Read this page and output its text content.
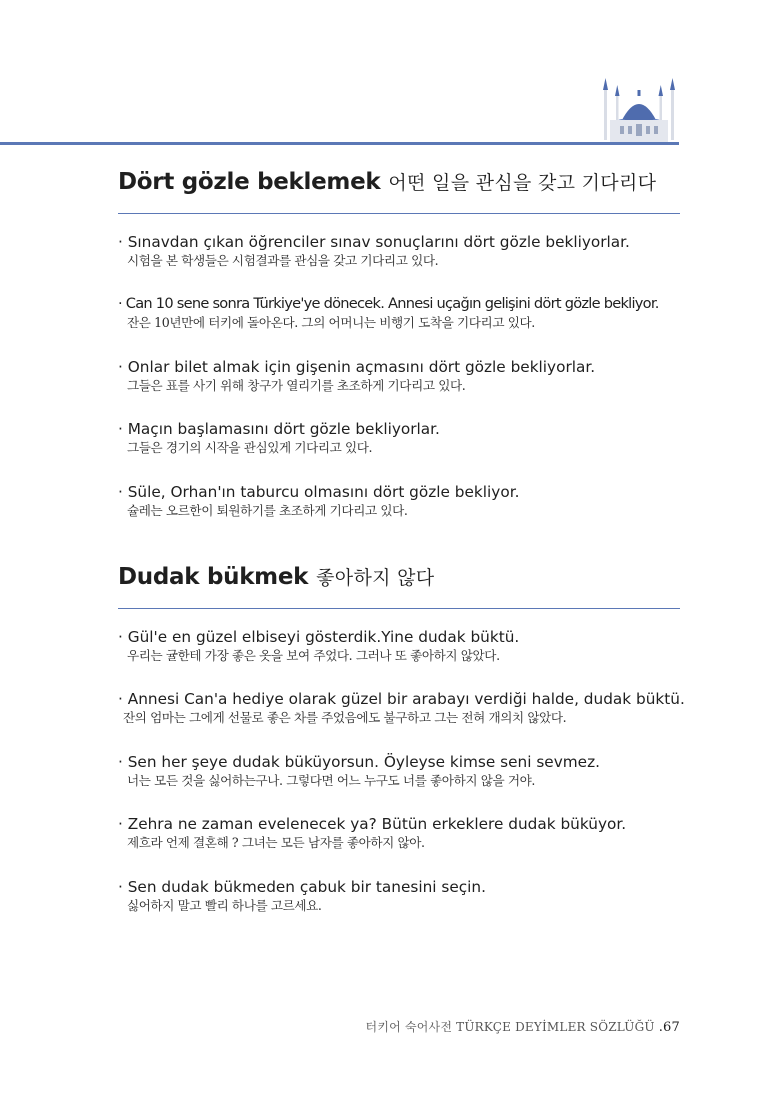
Dört gözle beklemek 어떤 일을 관심을 갖고 기다리다
· Sınavdan çıkan öğrenciler sınav sonuçlarını dört gözle bekliyorlar.
시험을 본 학생들은 시험결과를 관심을 갖고 기다리고 있다.
· Can 10 sene sonra Türkiye'ye dönecek. Annesi uçağın gelişini dört gözle bekliyor.
잔은 10년만에 터키에 돌아온다. 그의 어머니는 비행기 도착을 기다리고 있다.
· Onlar bilet almak için gişenin açmasını dört gözle bekliyorlar.
그들은 표를 사기 위해 창구가 열리기를 초조하게 기다리고 있다.
· Maçın başlamasını dört gözle bekliyorlar.
그들은 경기의 시작을 관심있게 기다리고 있다.
· Süle, Orhan'ın taburcu olmasını dört gözle bekliyor.
슐레는 오르한이 퇴원하기를 초조하게 기다리고 있다.
Dudak bükmek 좋아하지 않다
· Gül'e en güzel elbiseyi gösterdik.Yine dudak büktü.
우리는 귤한테 가장 좋은 옷을 보여 주었다. 그러나 또 좋아하지 않았다.
· Annesi Can'a hediye olarak güzel bir arabayı verdiği halde, dudak büktü.
잔의 엄마는 그에게 선물로 좋은 차를 주었음에도 불구하고 그는 전혀 개의치 않았다.
· Sen her şeye dudak büküyorsun. Öyleyse kimse seni sevmez.
너는 모든 것을 싫어하는구나. 그렇다면 어느 누구도 너를 좋아하지 않을 거야.
· Zehra ne zaman evelenecek ya? Bütün erkeklere dudak büküyor.
제흐라 언제 결혼해 ? 그녀는 모든 남자를 좋아하지 않아.
· Sen dudak bükmeden çabuk bir tanesini seçin.
싫어하지 말고 빨리 하나를 고르세요.
터키어 숙어사전 TÜRKÇE DEYİMLER SÖZLÜĞÜ .67
